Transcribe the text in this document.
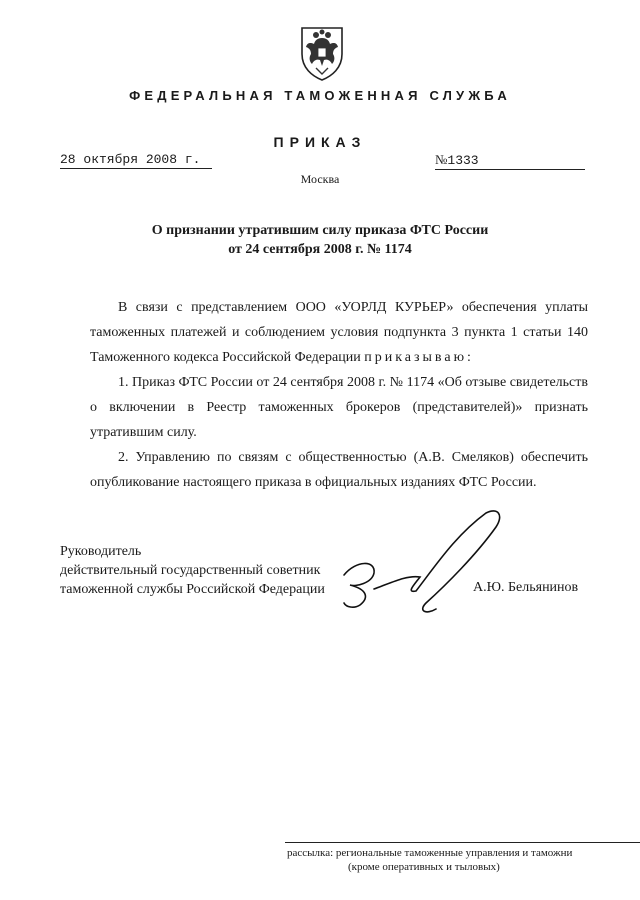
ФЕДЕРАЛЬНАЯ ТАМОЖЕННАЯ СЛУЖБА
ПРИКАЗ
28 октября 2008 г.	№1333
Москва
О признании утратившим силу приказа ФТС России
от 24 сентября 2008 г. № 1174

В связи с представлением ООО «УОРЛД КУРЬЕР» обеспечения уплаты таможенных платежей и соблюдением условия подпункта 3 пункта 1 статьи 140 Таможенного кодекса Российской Федерации приказываю:

1. Приказ ФТС России от 24 сентября 2008 г. № 1174 «Об отзыве свидетельств о включении в Реестр таможенных брокеров (представителей)» признать утратившим силу.

2. Управлению по связям с общественностью (А.В. Смеляков) обеспечить опубликование настоящего приказа в официальных изданиях ФТС России.

Руководитель
действительный государственный советник
таможенной службы Российской Федерации	А.Ю. Бельянинов
рассылка: региональные таможенные управления и таможни
(кроме оперативных и тыловых)
